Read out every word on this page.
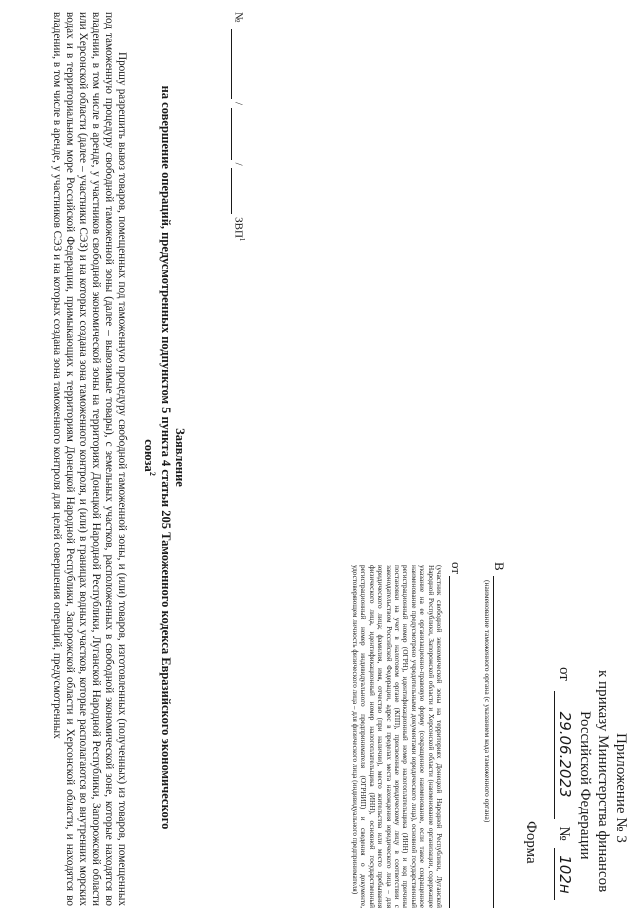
Приложение № 3
к приказу Министерства финансов
Российской Федерации
от 29.06.2023 № 102н
Форма
В
(наименование таможенного органа (с указанием кода таможенного органа)
от
(участник свободной экономической зоны на территориях Донецкой Народной Республики, Луганской Народной Республики, Запорожской области и Херсонской области (наименование организации, содержащее указание на ее организационно-правовую форму (сокращенное наименование, если такое сокращенное наименование предусмотрено учредительными документами юридического лица), основной государственный регистрационный номер (ОГРН), идентификационный номер налогоплательщика (ИНН) и код причины постановки на учет в налоговом органе (КПП), присвоенные юридическому лицу в соответствии с законодательством Российской Федерации, адрес в пределах места нахождения юридического лица – для юридического лица; фамилия, имя, отчество (при наличии), место жительства или место пребывания физического лица, идентификационный номер налогоплательщика (ИНН), основной государственный регистрационный номер индивидуального предпринимателя (ОГРНИП) и сведения о документе, удостоверяющем личность физического лица – для физического лица (индивидуального предпринимателя)
№   /   /   ЗВП$^1$
Заявление
на совершение операций, предусмотренных подпунктом 5 пункта 4 статьи 205 Таможенного кодекса Евразийского экономического
союза$^2$
Прошу разрешить вывоз товаров, помещенных под таможенную процедуру свободной таможенной зоны, и (или) товаров, изготовленных (полученных) из товаров, помещенных под таможенную процедуру свободной таможенной зоны (далее – вывозимые товары), с земельных участков, расположенных в свободной экономической зоне, которые находятся во владении, в том числе в аренде, у участников свободной экономической зоны на территориях Донецкой Народной Республики, Луганской Народной Республики, Запорожской области или Херсонской области (далее – участники СЭЗ) и на которых создана зона таможенного контроля, и (или) в границах водных участков, которые располагаются во внутренних морских водах и в территориальном море Российской Федерации, примыкающих к территориям Донецкой Народной Республики, Запорожской области и Херсонской области, и находятся во владении, в том числе в аренде, у участников СЭЗ и на которых создана зона таможенного контроля для целей совершения операций, предусмотренных
